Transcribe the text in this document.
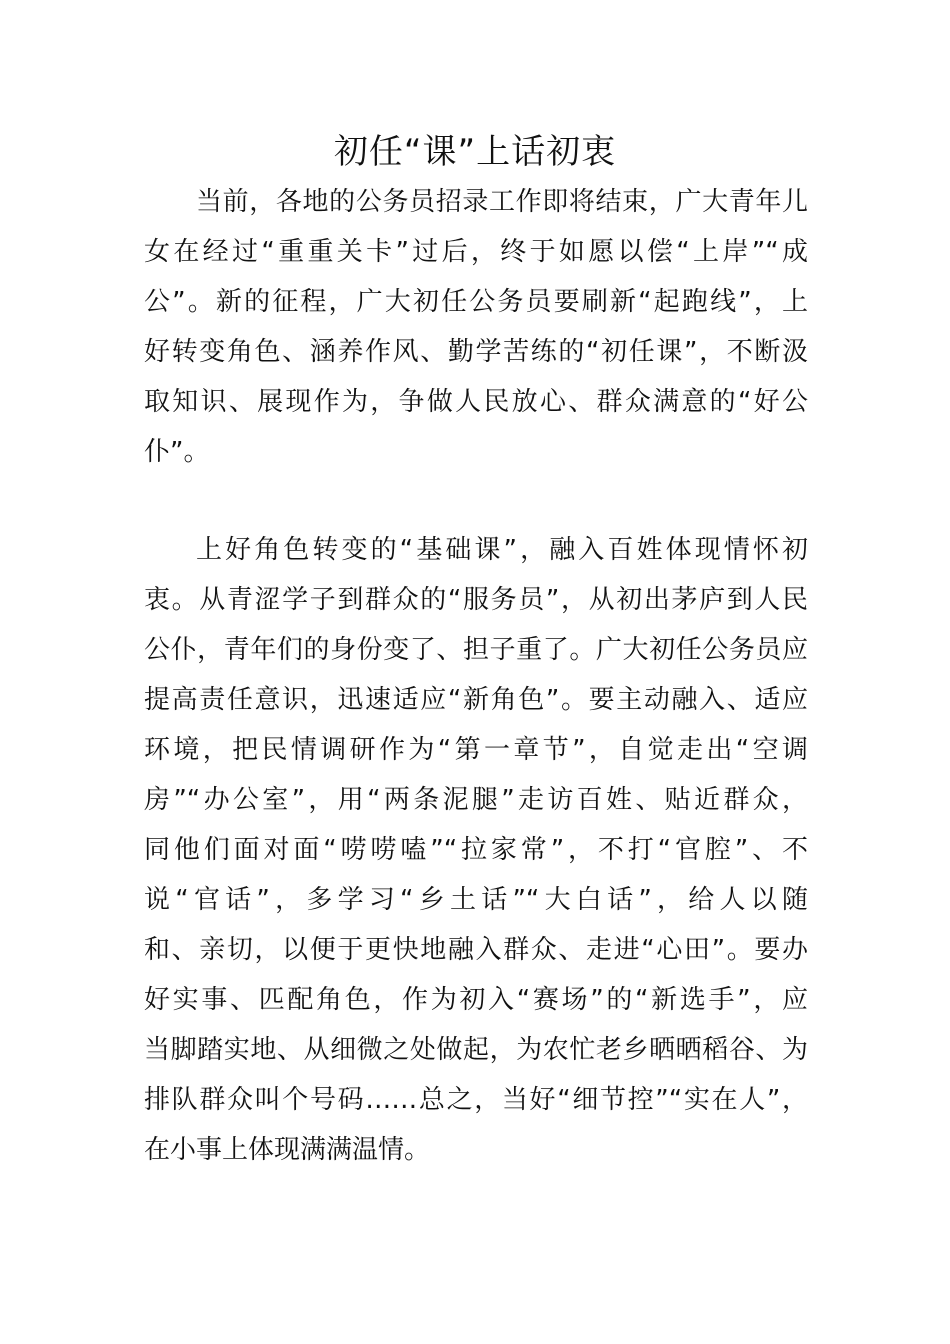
初任“课”上话初衷
当前，各地的公务员招录工作即将结束，广大青年儿
女在经过“重重关卡”过后，终于如愿以偿“上岸”“成
公”。新的征程，广大初任公务员要刷新“起跑线”，上
好转变角色、涵养作风、勤学苦练的“初任课”，不断汲
取知识、展现作为，争做人民放心、群众满意的“好公
仆”。
上好角色转变的“基础课”，融入百姓体现情怀初
衷。从青涩学子到群众的“服务员”，从初出茅庐到人民
公仆，青年们的身份变了、担子重了。广大初任公务员应
提高责任意识，迅速适应“新角色”。要主动融入、适应
环境，把民情调研作为“第一章节”，自觉走出“空调
房”“办公室”，用“两条泥腿”走访百姓、贴近群众，
同他们面对面“唠唠嗑”“拉家常”，不打“官腔”、不
说“官话”，多学习“乡土话”“大白话”，给人以随
和、亲切，以便于更快地融入群众、走进“心田”。要办
好实事、匹配角色，作为初入“赛场”的“新选手”，应
当脚踏实地、从细微之处做起，为农忙老乡晒晒稻谷、为
排队群众叫个号码……总之，当好“细节控”“实在人”，
在小事上体现满满温情。
